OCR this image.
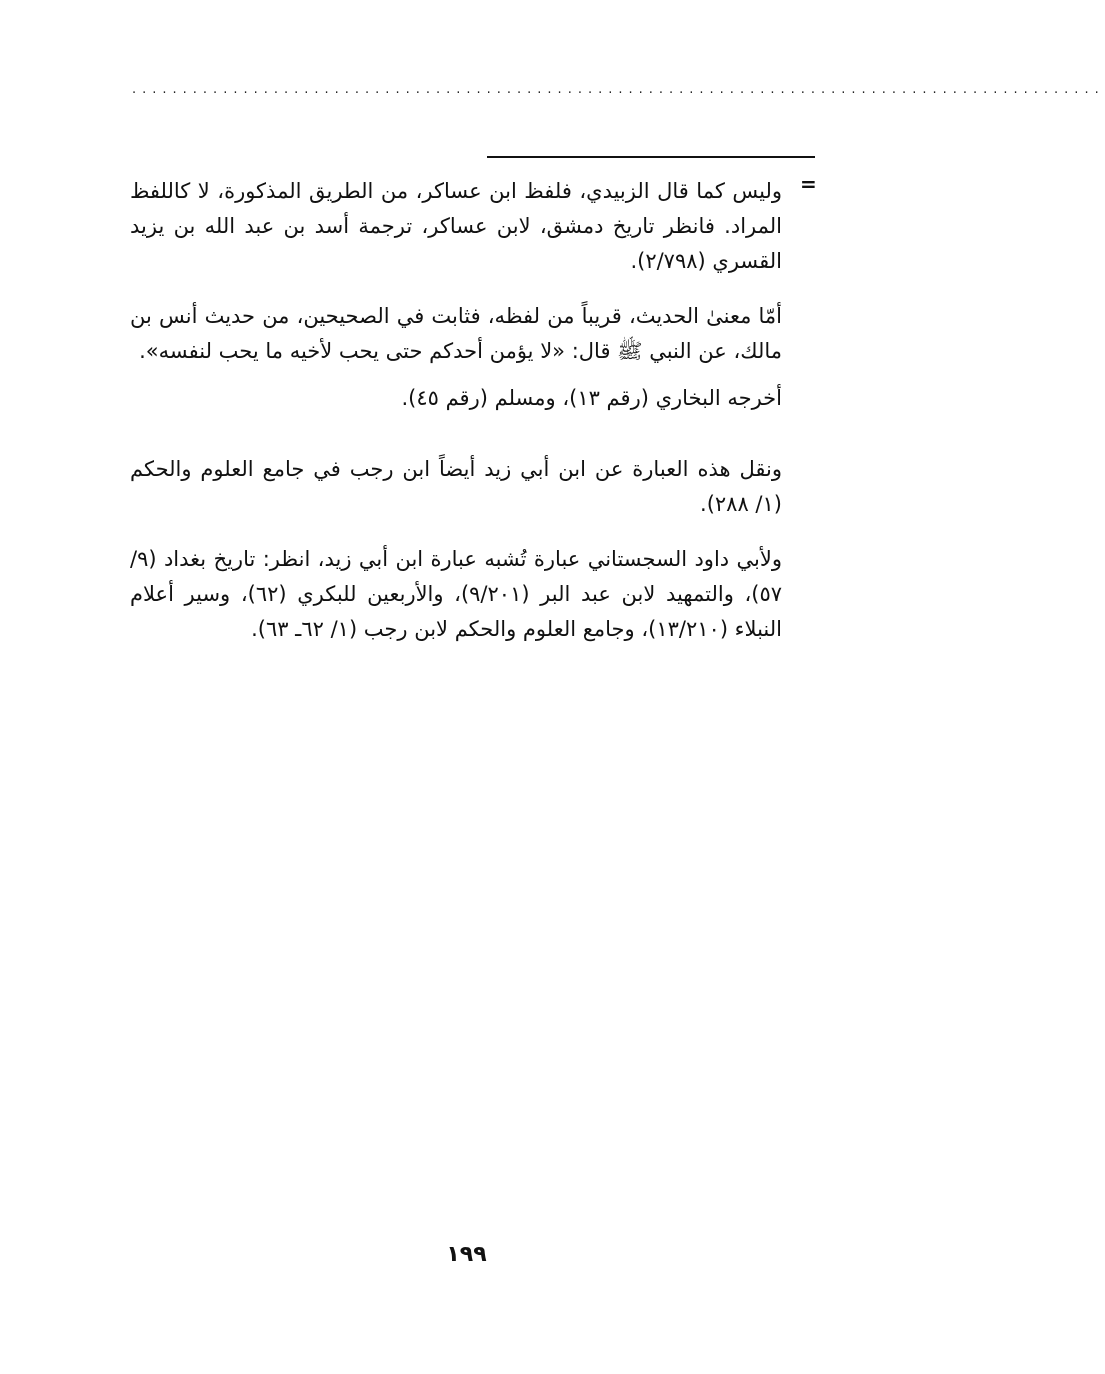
................................................................................................
=

وليس كما قال الزبيدي، فلفظ ابن عساكر، من الطريق المذكورة، لا كاللفظ المراد. فانظر تاريخ دمشق، لابن عساكر، ترجمة أسد بن عبد الله بن يزيد القسري (٢/٧٩٨).

أمّا معنىٰ الحديث، قريباً من لفظه، فثابت في الصحيحين، من حديث أنس بن مالك، عن النبي ﷺ قال: «لا يؤمن أحدكم حتى يحب لأخيه ما يحب لنفسه».

أخرجه البخاري (رقم ١٣)، ومسلم (رقم ٤٥).

ونقل هذه العبارة عن ابن أبي زيد أيضاً ابن رجب في جامع العلوم والحكم (١/ ٢٨٨).

ولأبي داود السجستاني عبارة تُشبه عبارة ابن أبي زيد، انظر: تاريخ بغداد (٩/ ٥٧)، والتمهيد لابن عبد البر (٩/٢٠١)، والأربعين للبكري (٦٢)، وسير أعلام النبلاء (١٣/٢١٠)، وجامع العلوم والحكم لابن رجب (١/ ٦٢ـ ٦٣).

١٩٩
